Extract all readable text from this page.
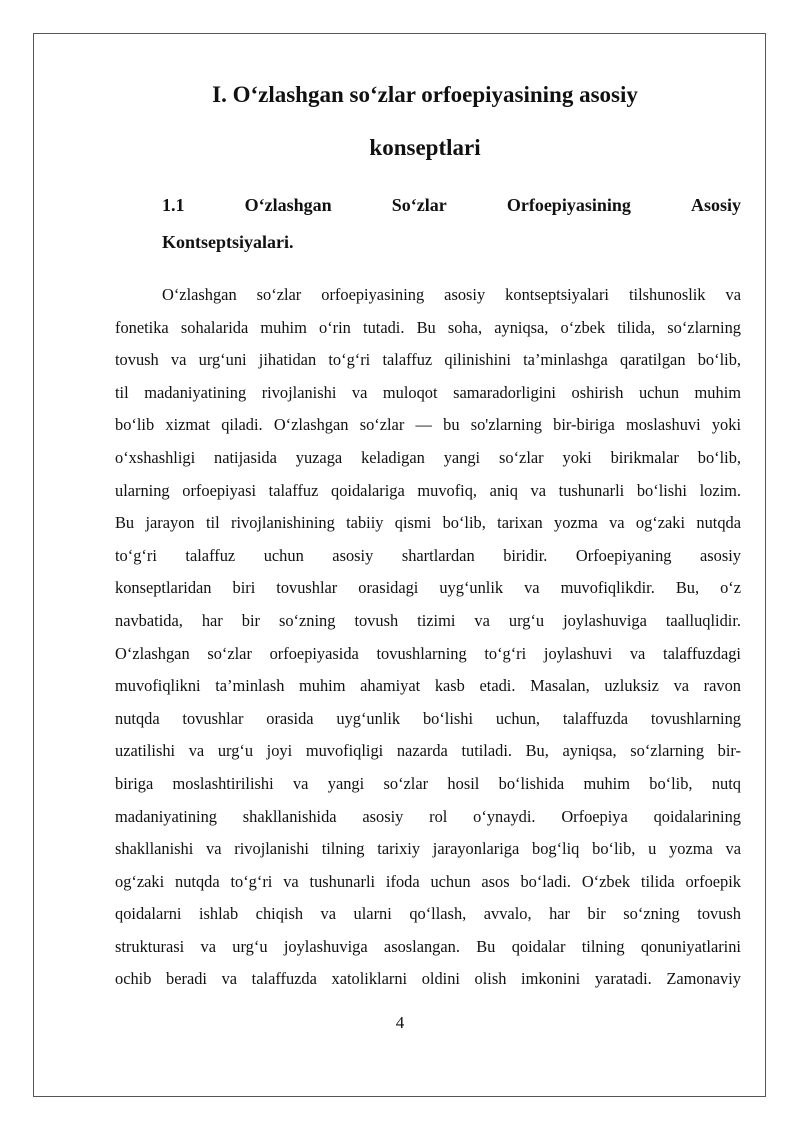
I. O‘zlashgan so‘zlar orfoepiyasining asosiy
konseptlari
1.1	O‘zlashgan	So‘zlar	Orfoepiyasining	Asosiy
Kontseptsiyalari.
O‘zlashgan so‘zlar orfoepiyasining asosiy kontseptsiyalari tilshunoslik va
fonetika sohalarida muhim o‘rin tutadi. Bu soha, ayniqsa, o‘zbek tilida, so‘zlarning
tovush va urg‘uni jihatidan to‘g‘ri talaffuz qilinishini ta’minlashga qaratilgan bo‘lib,
til madaniyatining rivojlanishi va muloqot samaradorligini oshirish uchun muhim
bo‘lib xizmat qiladi. O‘zlashgan so‘zlar — bu so'zlarning bir-biriga moslashuvi yoki
o‘xshashligi natijasida yuzaga keladigan yangi so‘zlar yoki birikmalar bo‘lib,
ularning orfoepiyasi talaffuz qoidalariga muvofiq, aniq va tushunarli bo‘lishi lozim.
Bu jarayon til rivojlanishining tabiiy qismi bo‘lib, tarixan yozma va og‘zaki nutqda
to‘g‘ri talaffuz uchun asosiy shartlardan biridir. Orfoepiyaning asosiy
konseptlaridan biri tovushlar orasidagi uyg‘unlik va muvofiqlikdir. Bu, o‘z
navbatida, har bir so‘zning tovush tizimi va urg‘u joylashuviga taalluqlidir.
O‘zlashgan so‘zlar orfoepiyasida tovushlarning to‘g‘ri joylashuvi va talaffuzdagi
muvofiqlikni ta’minlash muhim ahamiyat kasb etadi. Masalan, uzluksiz va ravon
nutqda tovushlar orasida uyg‘unlik bo‘lishi uchun, talaffuzda tovushlarning
uzatilishi va urg‘u joyi muvofiqligi nazarda tutiladi. Bu, ayniqsa, so‘zlarning bir-
biriga moslashtirilishi va yangi so‘zlar hosil bo‘lishida muhim bo‘lib, nutq
madaniyatining shakllanishida asosiy rol o‘ynaydi. Orfoepiya qoidalarining
shakllanishi va rivojlanishi tilning tarixiy jarayonlariga bog‘liq bo‘lib, u yozma va
og‘zaki nutqda to‘g‘ri va tushunarli ifoda uchun asos bo‘ladi. O‘zbek tilida orfoepik
qoidalarni ishlab chiqish va ularni qo‘llash, avvalo, har bir so‘zning tovush
strukturasi va urg‘u joylashuviga asoslangan. Bu qoidalar tilning qonuniyatlarini
ochib beradi va talaffuzda xatoliklarni oldini olish imkonini yaratadi. Zamonaviy
4
